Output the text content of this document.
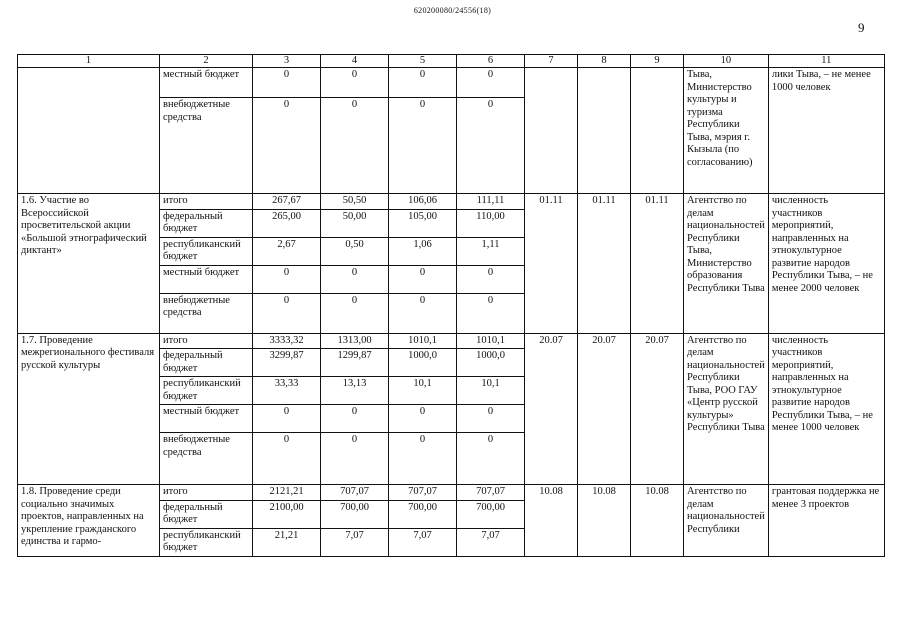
620200080/24556(18)
9
1	2	3	4	5	6	7	8	9	10	11
	местный бюджет	0	0	0	0				Тыва, Министерство культуры и туризма Республики Тыва, мэрия г. Кызыла (по согласованию)	лики Тыва, – не менее 1000 человек
	внебюджетные средства	0	0	0	0					
1.6. Участие во Всероссийской просветительской акции «Большой этнографический диктант»	итого	267,67	50,50	106,06	111,11	01.11	01.11	01.11	Агентство по делам национальностей Республики Тыва, Министерство образования Республики Тыва	численность участников мероприятий, направленных на этнокультурное развитие народов Республики Тыва, – не менее 2000 человек
	федеральный бюджет	265,00	50,00	105,00	110,00					
	республиканский бюджет	2,67	0,50	1,06	1,11					
	местный бюджет	0	0	0	0					
	внебюджетные средства	0	0	0	0					
1.7. Проведение межрегионального фестиваля русской культуры	итого	3333,32	1313,00	1010,1	1010,1	20.07	20.07	20.07	Агентство по делам национальностей Республики Тыва, РОО ГАУ «Центр русской культуры» Республики Тыва	численность участников мероприятий, направленных на этнокультурное развитие народов Республики Тыва, – не менее 1000 человек
	федеральный бюджет	3299,87	1299,87	1000,0	1000,0					
	республиканский бюджет	33,33	13,13	10,1	10,1					
	местный бюджет	0	0	0	0					
	внебюджетные средства	0	0	0	0					
1.8. Проведение среди социально значимых проектов, направленных на укрепление гражданского единства и гармо-	итого	2121,21	707,07	707,07	707,07	10.08	10.08	10.08	Агентство по делам национальностей Республики	грантовая поддержка не менее 3 проектов
	федеральный бюджет	2100,00	700,00	700,00	700,00					
	республиканский бюджет	21,21	7,07	7,07	7,07					
